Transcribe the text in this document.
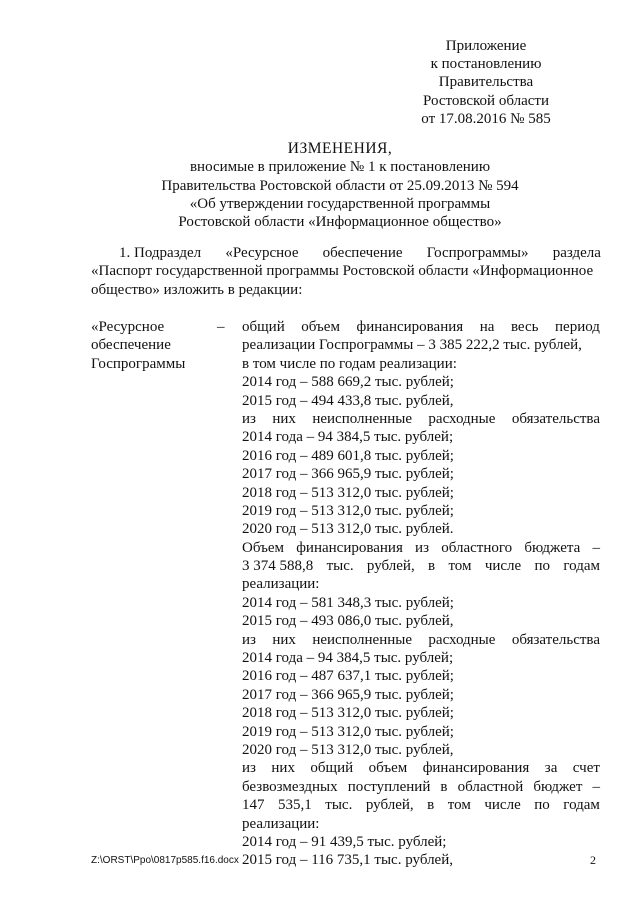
Приложение
к постановлению
Правительства
Ростовской области
от 17.08.2016 № 585
ИЗМЕНЕНИЯ,
вносимые в приложение № 1 к постановлению
Правительства Ростовской области от 25.09.2013 № 594
«Об утверждении государственной программы
Ростовской области «Информационное общество»
1. Подраздел «Ресурсное обеспечение Госпрограммы» раздела
«Паспорт государственной программы Ростовской области «Информационное
общество» изложить в редакции:
«Ресурсное
обеспечение
Госпрограммы
– общий объем финансирования на весь период
реализации Госпрограммы – 3 385 222,2 тыс. рублей,
в том числе по годам реализации:
2014 год – 588 669,2 тыс. рублей;
2015 год – 494 433,8 тыс. рублей,
из них неисполненные расходные обязательства
2014 года – 94 384,5 тыс. рублей;
2016 год – 489 601,8 тыс. рублей;
2017 год – 366 965,9 тыс. рублей;
2018 год – 513 312,0 тыс. рублей;
2019 год – 513 312,0 тыс. рублей;
2020 год – 513 312,0 тыс. рублей.
Объем финансирования из областного бюджета –
3 374 588,8 тыс. рублей, в том числе по годам
реализации:
2014 год – 581 348,3 тыс. рублей;
2015 год – 493 086,0 тыс. рублей,
из них неисполненные расходные обязательства
2014 года – 94 384,5 тыс. рублей;
2016 год – 487 637,1 тыс. рублей;
2017 год – 366 965,9 тыс. рублей;
2018 год – 513 312,0 тыс. рублей;
2019 год – 513 312,0 тыс. рублей;
2020 год – 513 312,0 тыс. рублей,
из них общий объем финансирования за счет
безвозмездных поступлений в областной бюджет –
147 535,1 тыс. рублей, в том числе по годам
реализации:
2014 год – 91 439,5 тыс. рублей;
2015 год – 116 735,1 тыс. рублей,
Z:\ORST\Ppo\0817p585.f16.docx	2
